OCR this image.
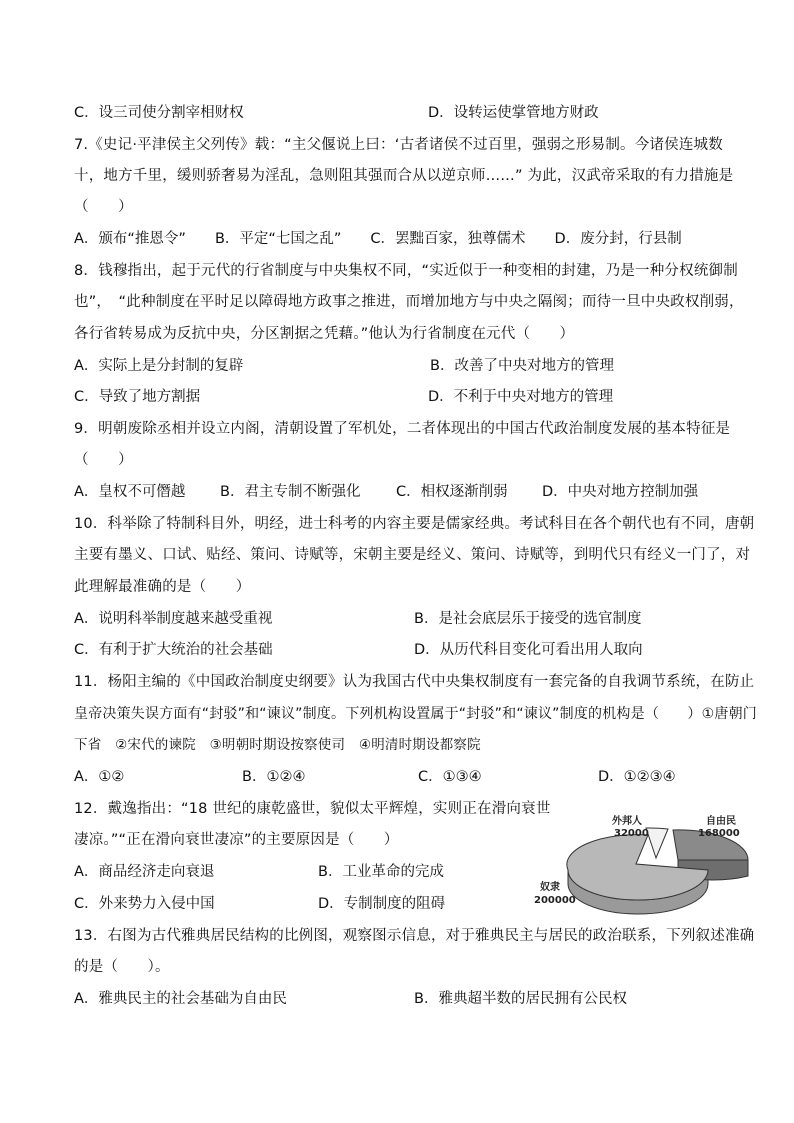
C．设三司使分割宰相财权	D．设转运使掌管地方财政
7.《史记·平津侯主父列传》载：“主父偃说上曰：‘古者诸侯不过百里，强弱之形易制。今诸侯连城数
十，地方千里，缓则骄奢易为淫乱，急则阻其强而合从以逆京师……” 为此，汉武帝采取的有力措施是
（　　）
A．颁布“推恩令”　　B．平定“七国之乱”　　C．罢黜百家，独尊儒术　　D．废分封，行县制
8．钱穆指出，起于元代的行省制度与中央集权不同，“实近似于一种变相的封建，乃是一种分权统御制
也”，　“此种制度在平时足以障碍地方政事之推进，而增加地方与中央之隔阂；而待一旦中央政权削弱，
各行省转易成为反抗中央，分区割据之凭藉。”他认为行省制度在元代（　　）
A．实际上是分封制的复辟	B．改善了中央对地方的管理
C．导致了地方割据	D．不利于中央对地方的管理
9．明朝废除丞相并设立内阁，清朝设置了军机处，二者体现出的中国古代政治制度发展的基本特征是
（　　）
A．皇权不可僭越 B．君主专制不断强化 C．相权逐渐削弱 D．中央对地方控制加强
10．科举除了特制科目外，明经，进士科考的内容主要是儒家经典。考试科目在各个朝代也有不同，唐朝
主要有墨义、口试、贴经、策问、诗赋等，宋朝主要是经义、策问、诗赋等，到明代只有经义一门了，对
此理解最准确的是（　　）
A．说明科举制度越来越受重视	B．是社会底层乐于接受的选官制度
C．有利于扩大统治的社会基础	D．从历代科目变化可看出用人取向
11．杨阳主编的《中国政治制度史纲要》认为我国古代中央集权制度有一套完备的自我调节系统，在防止
皇帝决策失误方面有“封驳”和“谏议”制度。下列机构设置属于“封驳”和“谏议”制度的机构是（　　）①唐朝门
下省　②宋代的谏院　③明朝时期设按察使司　④明清时期设都察院
A．①②	B．①②④	C．①③④	D．①②③④
12．戴逸指出：“18 世纪的康乾盛世，貌似太平辉煌，实则正在滑向衰世
凄凉。”“正在滑向衰世凄凉”的主要原因是（　　）
A．商品经济走向衰退	B．工业革命的完成
C．外来势力入侵中国	D．专制制度的阻碍
外邦人
32000
自由民
168000
奴隶
200000
13．右图为古代雅典居民结构的比例图，观察图示信息，对于雅典民主与居民的政治联系，下列叙述准确
的是（　　）。
A．雅典民主的社会基础为自由民	B．雅典超半数的居民拥有公民权
